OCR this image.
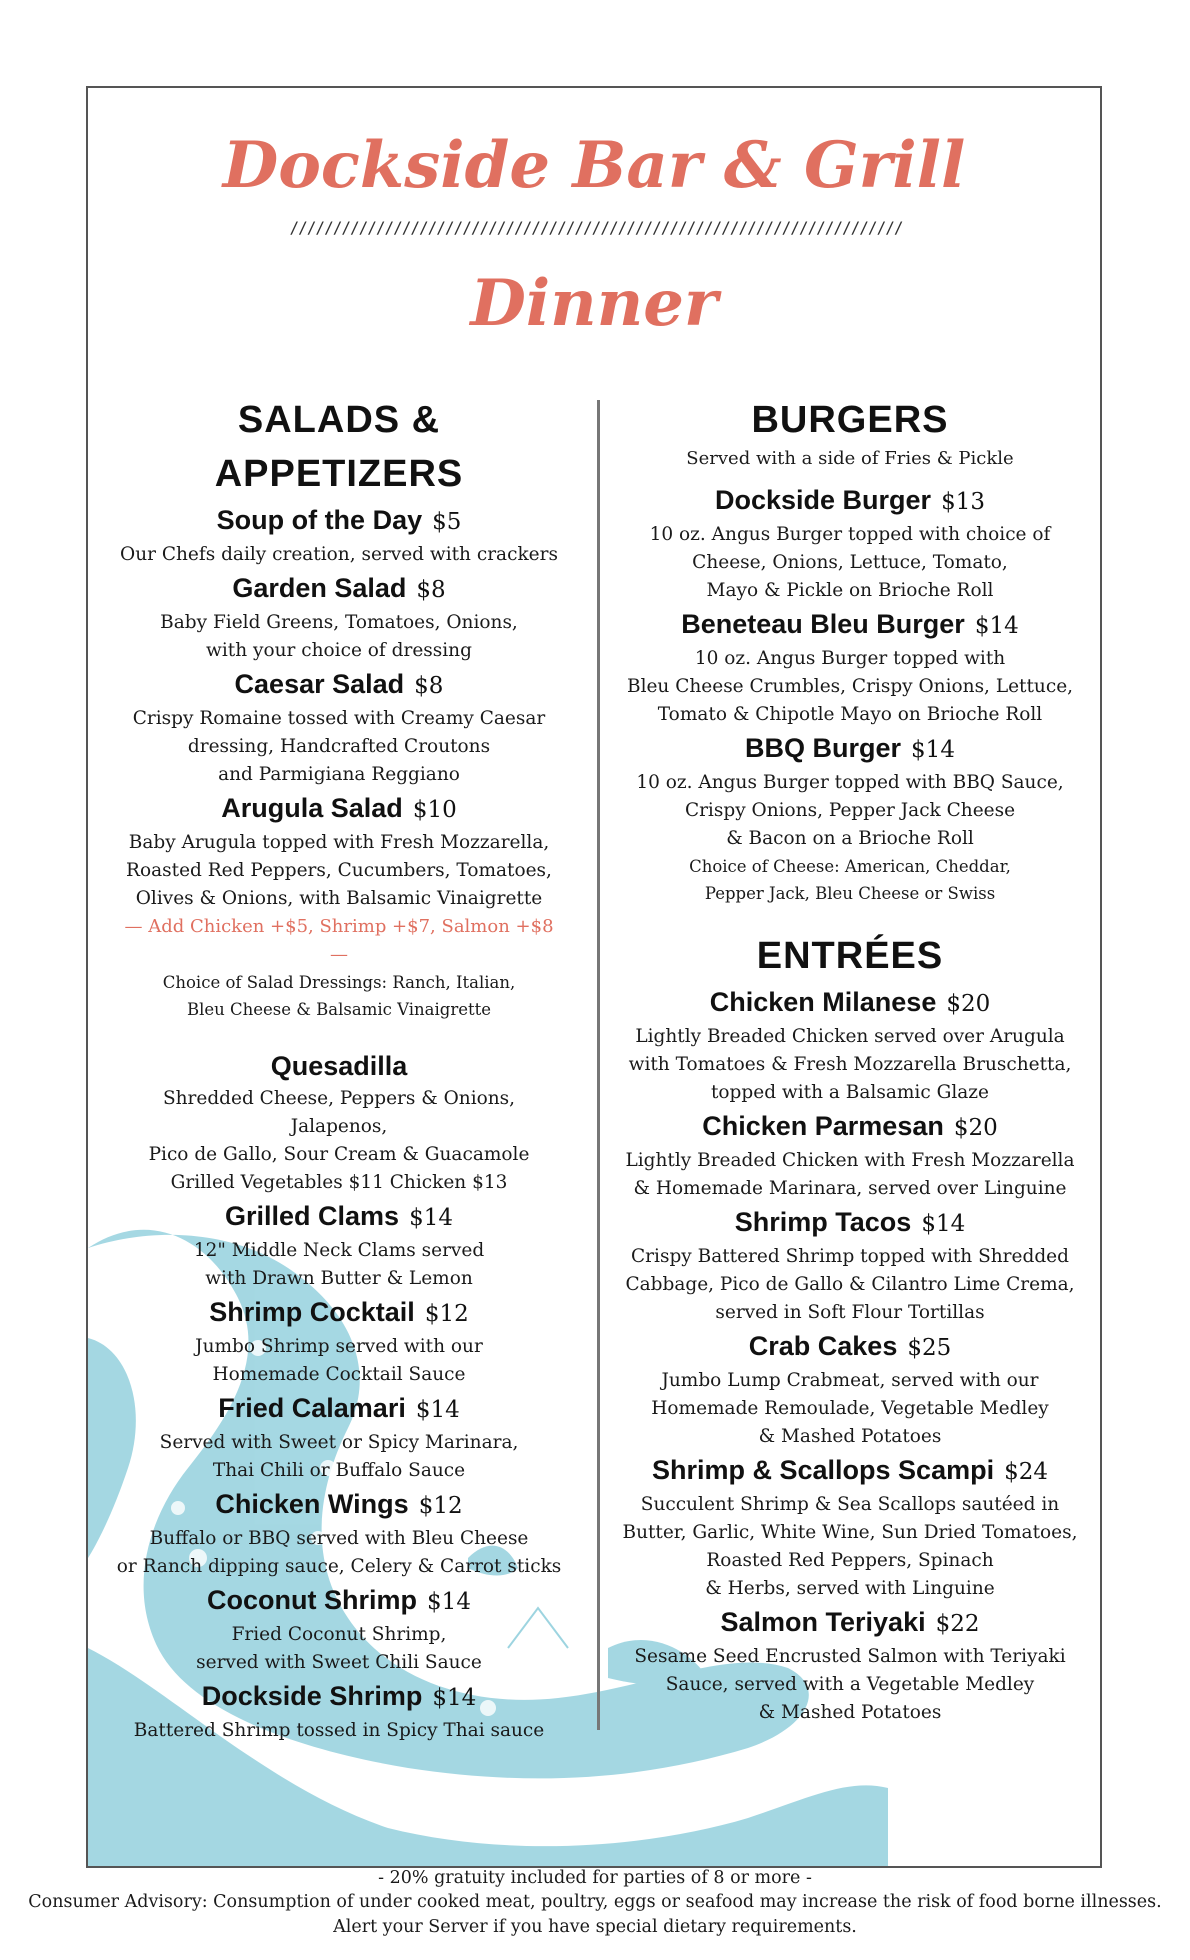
Dockside Bar & Grill
///////////////////////////////////////////////////////////////////////
Dinner
SALADS & APPETIZERS
Soup of the Day $5
Our Chefs daily creation, served with crackers
Garden Salad $8
Baby Field Greens, Tomatoes, Onions,
with your choice of dressing
Caesar Salad $8
Crispy Romaine tossed with Creamy Caesar
dressing, Handcrafted Croutons
and Parmigiana Reggiano
Arugula Salad $10
Baby Arugula topped with Fresh Mozzarella,
Roasted Red Peppers, Cucumbers, Tomatoes,
Olives & Onions, with Balsamic Vinaigrette
— Add Chicken +$5, Shrimp +$7, Salmon +$8 —
Choice of Salad Dressings: Ranch, Italian,
Bleu Cheese & Balsamic Vinaigrette
Quesadilla
Shredded Cheese, Peppers & Onions, Jalapenos,
Pico de Gallo, Sour Cream & Guacamole
Grilled Vegetables $11 Chicken $13
Grilled Clams $14
12" Middle Neck Clams served
with Drawn Butter & Lemon
Shrimp Cocktail $12
Jumbo Shrimp served with our
Homemade Cocktail Sauce
Fried Calamari $14
Served with Sweet or Spicy Marinara,
Thai Chili or Buffalo Sauce
Chicken Wings $12
Buffalo or BBQ served with Bleu Cheese
or Ranch dipping sauce, Celery & Carrot sticks
Coconut Shrimp $14
Fried Coconut Shrimp,
served with Sweet Chili Sauce
Dockside Shrimp $14
Battered Shrimp tossed in Spicy Thai sauce
BURGERS
Served with a side of Fries & Pickle
Dockside Burger $13
10 oz. Angus Burger topped with choice of
Cheese, Onions, Lettuce, Tomato,
Mayo & Pickle on Brioche Roll
Beneteau Bleu Burger $14
10 oz. Angus Burger topped with
Bleu Cheese Crumbles, Crispy Onions, Lettuce,
Tomato & Chipotle Mayo on Brioche Roll
BBQ Burger $14
10 oz. Angus Burger topped with BBQ Sauce,
Crispy Onions, Pepper Jack Cheese
& Bacon on a Brioche Roll
Choice of Cheese: American, Cheddar,
Pepper Jack, Bleu Cheese or Swiss
ENTRÉES
Chicken Milanese $20
Lightly Breaded Chicken served over Arugula
with Tomatoes & Fresh Mozzarella Bruschetta,
topped with a Balsamic Glaze
Chicken Parmesan $20
Lightly Breaded Chicken with Fresh Mozzarella
& Homemade Marinara, served over Linguine
Shrimp Tacos $14
Crispy Battered Shrimp topped with Shredded
Cabbage, Pico de Gallo & Cilantro Lime Crema,
served in Soft Flour Tortillas
Crab Cakes $25
Jumbo Lump Crabmeat, served with our
Homemade Remoulade, Vegetable Medley
& Mashed Potatoes
Shrimp & Scallops Scampi $24
Succulent Shrimp & Sea Scallops sautéed in
Butter, Garlic, White Wine, Sun Dried Tomatoes,
Roasted Red Peppers, Spinach
& Herbs, served with Linguine
Salmon Teriyaki $22
Sesame Seed Encrusted Salmon with Teriyaki
Sauce, served with a Vegetable Medley
& Mashed Potatoes
- 20% gratuity included for parties of 8 or more -
Consumer Advisory: Consumption of under cooked meat, poultry, eggs or seafood may increase the risk of food borne illnesses.
Alert your Server if you have special dietary requirements.
